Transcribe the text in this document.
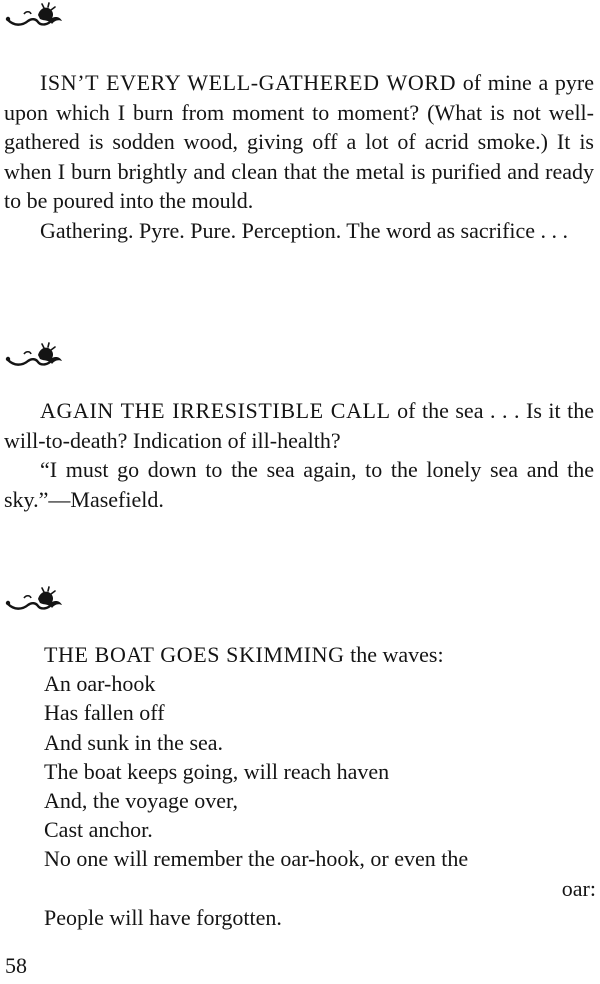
ISN’T EVERY WELL-GATHERED WORD of mine a pyre upon which I burn from moment to moment? (What is not well-gathered is sodden wood, giving off a lot of acrid smoke.) It is when I burn brightly and clean that the metal is purified and ready to be poured into the mould.

Gathering. Pyre. Pure. Perception. The word as sacrifice . . .

AGAIN THE IRRESISTIBLE CALL of the sea . . . Is it the will-to-death? Indication of ill-health?

“I must go down to the sea again, to the lonely sea and the sky.”—Masefield.

THE BOAT GOES SKIMMING the waves:

An oar-hook

Has fallen off

And sunk in the sea.

The boat keeps going, will reach haven

And, the voyage over,

Cast anchor.

No one will remember the oar-hook, or even the

oar:

People will have forgotten.

58
